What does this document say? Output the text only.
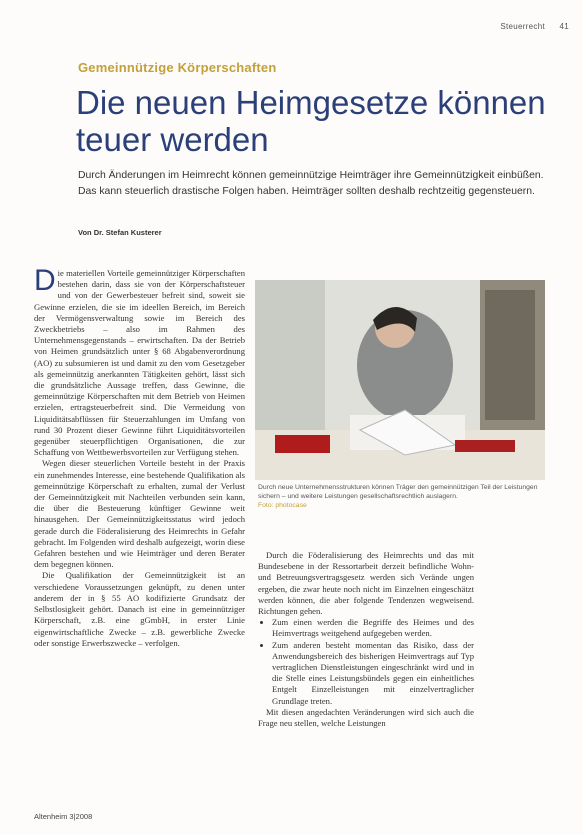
Steuerrecht 41
Gemeinnützige Körperschaften
Die neuen Heimgesetze können teuer werden

Durch Änderungen im Heimrecht können gemeinnützige Heimträger ihre Gemeinnützigkeit einbüßen. Das kann steuerlich drastische Folgen haben. Heimträger sollten deshalb rechtzeitig gegensteuern.

Von Dr. Stefan Kusterer

Die materiellen Vorteile gemeinnütziger Körperschaften bestehen darin, dass sie von der Körperschaftsteuer und von der Gewerbesteuer befreit sind, soweit sie Gewinne erzielen, die sie im ideellen Bereich, im Bereich der Vermögensverwaltung sowie im Bereich des Zweckbetriebs – also im Rahmen des Unternehmensgegenstands – erwirtschaften. Da der Betrieb von Heimen grundsätzlich unter § 68 Abgabenverordnung (AO) zu subsumieren ist und damit zu den vom Gesetzgeber als gemeinnützig anerkannten Tätigkeiten gehört, lässt sich die grundsätzliche Aussage treffen, dass Gewinne, die gemeinnützige Körperschaften mit dem Betrieb von Heimen erzielen, ertragsteuerbefreit sind. Die Vermeidung von Liquiditätsabflüssen für Steuerzahlungen im Umfang von rund 30 Prozent dieser Gewinne führt Liquiditätsvorteilen gegenüber steuerpflichtigen Organisationen, die zur Schaffung von Wettbewerbsvorteilen zur Verfügung stehen.

Wegen dieser steuerlichen Vorteile besteht in der Praxis ein zunehmendes Interesse, eine bestehende Qualifikation als gemeinnützige Körperschaft zu erhalten, zumal der Verlust der Gemeinnützigkeit mit Nachteilen verbunden sein kann, die über die Besteuerung künftiger Gewinne weit hinausgehen. Der Gemeinnützigkeitsstatus wird jedoch gerade durch die Föderalisierung des Heimrechts in Gefahr gebracht. Im Folgenden wird deshalb aufgezeigt, worin diese Gefahren bestehen und wie Heimträger und deren Berater dem begegnen können.

Die Qualifikation der Gemeinnützigkeit ist an verschiedene Voraussetzungen geknüpft, zu denen unter anderem der in § 55 AO kodifizierte Grundsatz der Selbstlosigkeit gehört. Danach ist eine in gemeinnütziger Körperschaft, z.B. eine gGmbH, in erster Linie eigenwirtschaftliche Zwecke – z.B. gewerbliche Zwecke oder sonstige Erwerbszwecke – verfolgen.

Durch neue Unternehmensstrukturen können Träger den gemeinnützigen Teil der Leistungen sichern – und weitere Leistungen gesellschaftsrechtlich auslagern.
Foto: photocase

Durch die Föderalisierung des Heimrechts und das mit Bundesebene in der Ressortarbeit derzeit befindliche Wohn- und Betreuungsvertragsgesetz werden sich Verände ungen ergeben, die zwar heute noch nicht im Einzelnen eingeschätzt werden können, die aber folgende Tendenzen wegweisend. Richtungen gehen.

• Zum einen werden die Begriffe des Heimes und des Heimvertrags weitgehend aufgegeben werden.
• Zum anderen besteht momentan das Risiko, dass der Anwendungsbereich des bisherigen Heimvertrags auf Typ vertraglichen Dienstleistungen eingeschränkt wird und in die Stelle eines Leistungsbündels gegen ein einheitliches Entgelt Einzelleistungen mit einzelvertraglicher Grundlage treten.

Mit diesen angedachten Veränderungen wird sich auch die Frage neu stellen, welche Leistungen

Altenheim 3|2008
